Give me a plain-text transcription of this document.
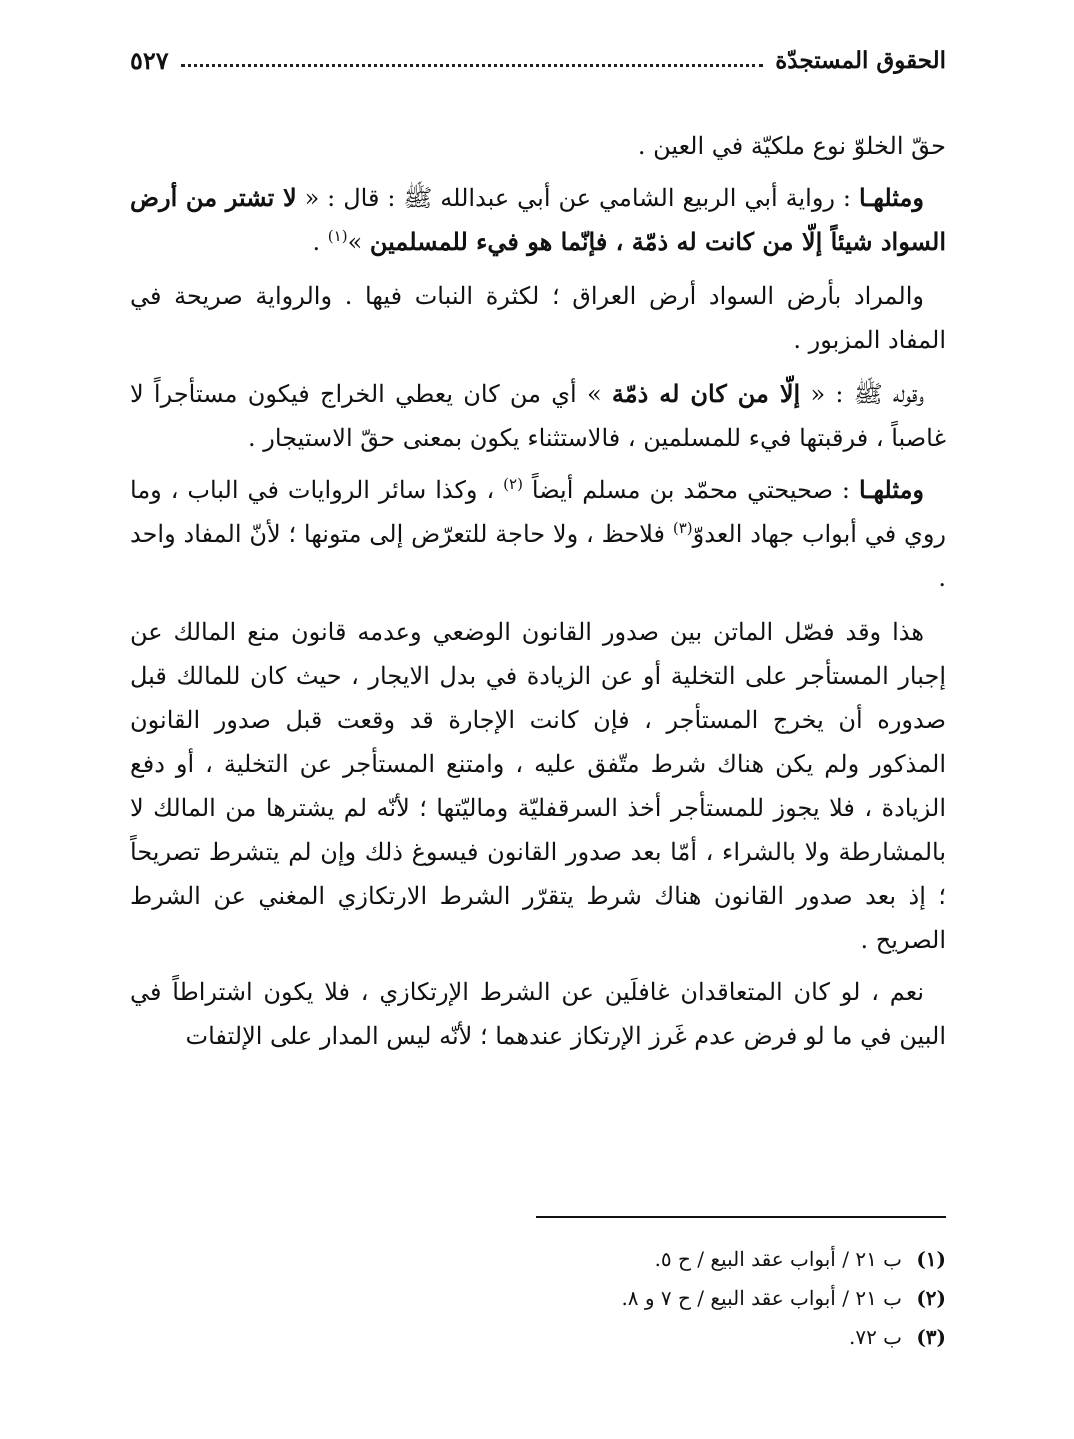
الحقوق المستجدّة
٥٢٧

حقّ الخلوّ نوع ملكيّة في العين .

ومثلهـا : رواية أبي الربيع الشامي عن أبي عبدالله ﷺ : قال : « لا تشتر من أرض السواد شيئاً إلّا من كانت له ذمّة ، فإنّما هو فيء للمسلمين »$^{(١)}$ .

والمراد بأرض السواد أرض العراق ؛ لكثرة النبات فيها . والرواية صريحة في المفاد المزبور .

وقوله ﷺ : « إلّا من كان له ذمّة » أي من كان يعطي الخراج فيكون مستأجراً لا غاصباً ، فرقبتها فيء للمسلمين ، فالاستثناء يكون بمعنى حقّ الاستيجار .

ومثلهـا : صحيحتي محمّد بن مسلم أيضاً $^{(٢)}$ ، وكذا سائر الروايات في الباب ، وما روي في أبواب جهاد العدوّ$^{(٣)}$ فلاحظ ، ولا حاجة للتعرّض إلى متونها ؛ لأنّ المفاد واحد .

هذا وقد فصّل الماتن بين صدور القانون الوضعي وعدمه قانون منع المالك عن إجبار المستأجر على التخلية أو عن الزيادة في بدل الايجار ، حيث كان للمالك قبل صدوره أن يخرج المستأجر ، فإن كانت الإجارة قد وقعت قبل صدور القانون المذكور ولم يكن هناك شرط متّفق عليه ، وامتنع المستأجر عن التخلية ، أو دفع الزيادة ، فلا يجوز للمستأجر أخذ السرقفليّة وماليّتها ؛ لأنّه لم يشترها من المالك لا بالمشارطة ولا بالشراء ، أمّا بعد صدور القانون فيسوغ ذلك وإن لم يتشرط تصريحاً ؛ إذ بعد صدور القانون هناك شرط يتقرّر الشرط الارتكازي المغني عن الشرط الصريح .

نعم ، لو كان المتعاقدان غافلَين عن الشرط الإرتكازي ، فلا يكون اشتراطاً في البين في ما لو فرض عدم غَرز الإرتكاز عندهما ؛ لأنّه ليس المدار على الإلتفات

(١)
ب ٢١ / أبواب عقد البيع / ح ٥.
(٢)
ب ٢١ / أبواب عقد البيع / ح ٧ و ٨.
(٣)
ب ٧٢.
